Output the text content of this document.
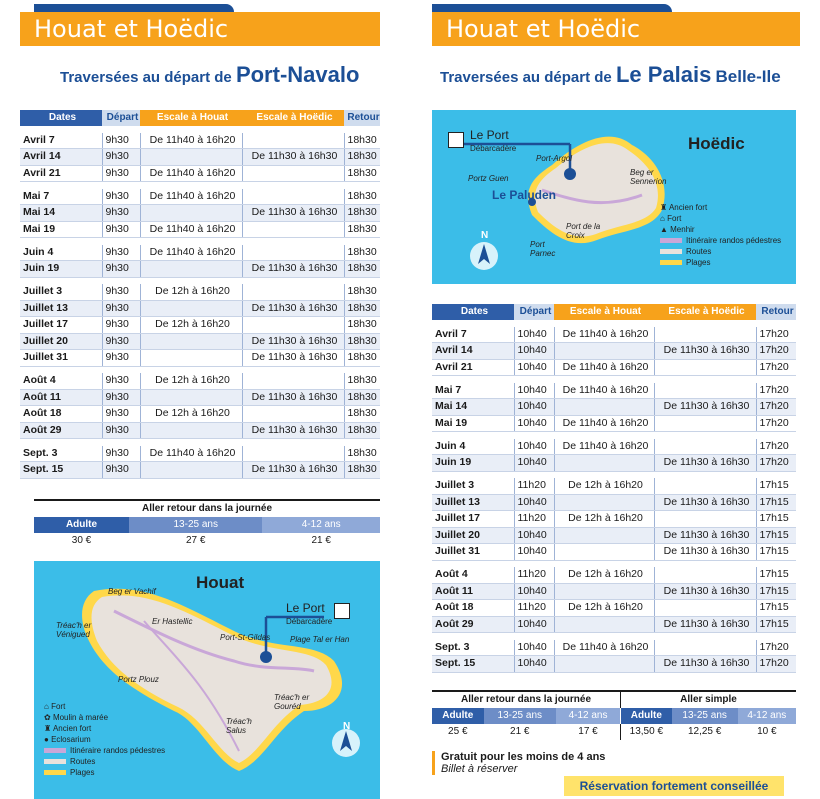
Houat et Hoëdic
Traversées au départ de Port-Navalo
Dates	Départ	Escale à Houat	Escale à Hoëdic	Retour

Avril 7	9h30	De 11h40 à 16h20		18h30
Avril 14	9h30		De 11h30 à 16h30	18h30
Avril 21	9h30	De 11h40 à 16h20		18h30

Mai 7	9h30	De 11h40 à 16h20		18h30
Mai 14	9h30		De 11h30 à 16h30	18h30
Mai 19	9h30	De 11h40 à 16h20		18h30

Juin 4	9h30	De 11h40 à 16h20		18h30
Juin 19	9h30		De 11h30 à 16h30	18h30

Juillet 3	9h30	De 12h à 16h20		18h30
Juillet 13	9h30		De 11h30 à 16h30	18h30
Juillet 17	9h30	De 12h à 16h20		18h30
Juillet 20	9h30		De 11h30 à 16h30	18h30
Juillet 31	9h30		De 11h30 à 16h30	18h30

Août 4	9h30	De 12h à 16h20		18h30
Août 11	9h30		De 11h30 à 16h30	18h30
Août 18	9h30	De 12h à 16h20		18h30
Août 29	9h30		De 11h30 à 16h30	18h30

Sept. 3	9h30	De 11h40 à 16h20		18h30
Sept. 15	9h30		De 11h30 à 16h30	18h30
Aller retour dans la journée		
Adulte	13-25 ans	4-12 ans
30 €	27 €	21 €
Houat
Le Port
Débarcadère
Beg er Vachif
Er Hastellic
Tréac'h er Vénigued	Port-St-Gildas Plage Tal er Han
Portz Plouz
Tréac'h er Gouréd
Tréac'h Salus	N
⌂ Fort
✿ Moulin à marée
♜ Ancien fort
● Eclosarium
Itinéraire randos pédestres
Routes
Plages
Houat et Hoëdic
Traversées au départ de Le Palais Belle-Ile
Le Port
Débarcadère	Hoëdic
Le Paluden
Port-Argol
Portz Guen
Beg er Sennerion
Port de la Croix
Port Parnec
N
♜ Ancien fort
⌂ Fort
▲ Menhir
Itinéraire randos pédestres
Routes
Plages
Dates	Départ	Escale à Houat	Escale à Hoëdic	Retour

Avril 7	10h40	De 11h40 à 16h20		17h20
Avril 14	10h40		De 11h30 à 16h30	17h20
Avril 21	10h40	De 11h40 à 16h20		17h20

Mai 7	10h40	De 11h40 à 16h20		17h20
Mai 14	10h40		De 11h30 à 16h30	17h20
Mai 19	10h40	De 11h40 à 16h20		17h20

Juin 4	10h40	De 11h40 à 16h20		17h20
Juin 19	10h40		De 11h30 à 16h30	17h20

Juillet 3	11h20	De 12h à 16h20		17h15
Juillet 13	10h40		De 11h30 à 16h30	17h15
Juillet 17	11h20	De 12h à 16h20		17h15
Juillet 20	10h40		De 11h30 à 16h30	17h15
Juillet 31	10h40		De 11h30 à 16h30	17h15

Août 4	11h20	De 12h à 16h20		17h15
Août 11	10h40		De 11h30 à 16h30	17h15
Août 18	11h20	De 12h à 16h20		17h15
Août 29	10h40		De 11h30 à 16h30	17h15

Sept. 3	10h40	De 11h40 à 16h20		17h20
Sept. 15	10h40		De 11h30 à 16h30	17h20
Aller retour dans la journée			Aller simple		
Adulte	13-25 ans	4-12 ans	Adulte	13-25 ans	4-12 ans
25 €	21 €	17 €	13,50 €	12,25 €	10 €
Gratuit pour les moins de 4 ans
Billet à réserver
Réservation fortement conseillée
